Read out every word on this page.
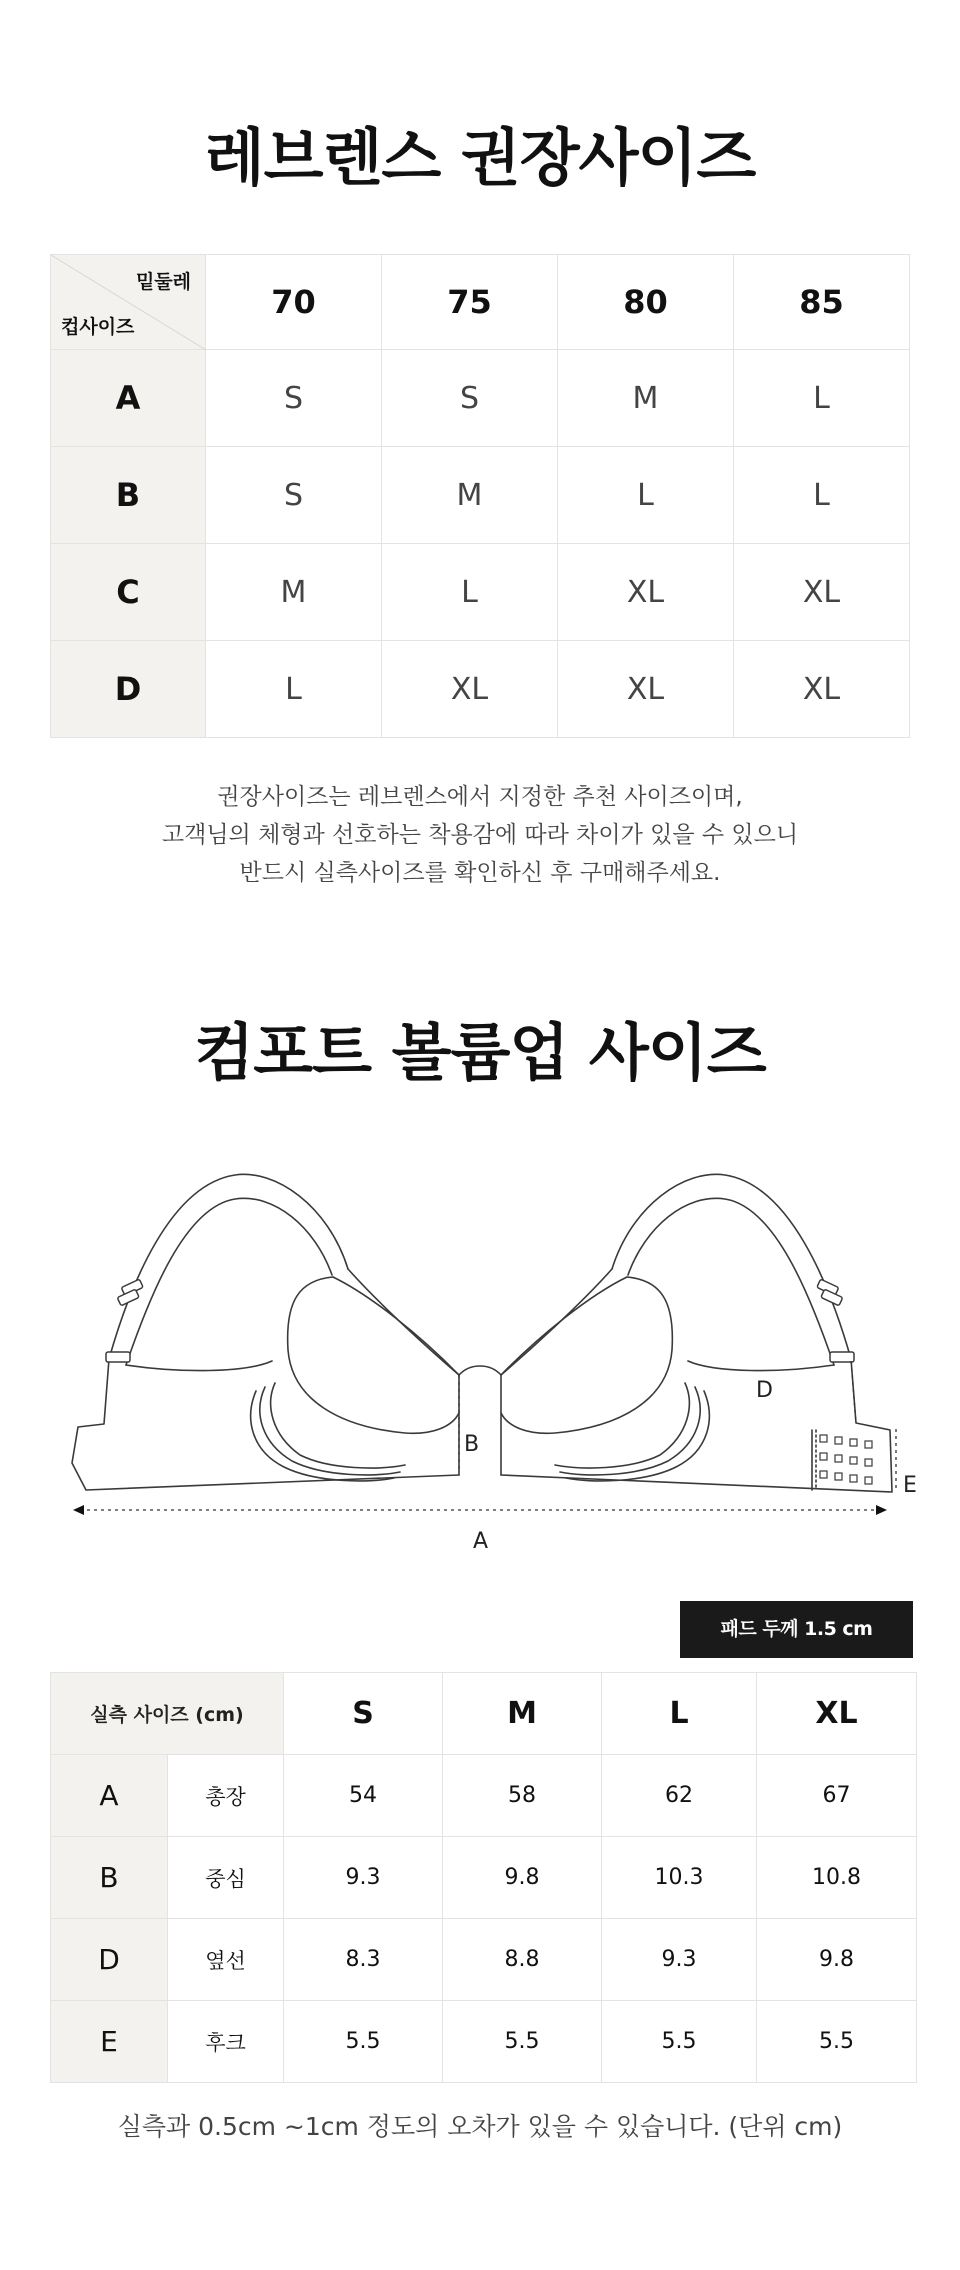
레브렌스 권장사이즈
밑둘레
컵사이즈	70	75	80	85
A	S	S	M	L
B	S	M	L	L
C	M	L	XL	XL
D	L	XL	XL	XL

권장사이즈는 레브렌스에서 지정한 추천 사이즈이며,
고객님의 체형과 선호하는 착용감에 따라 차이가 있을 수 있으니
반드시 실측사이즈를 확인하신 후 구매해주세요.

컴포트 볼륨업 사이즈
B
D
E
A
패드 두께 1.5 cm
실측 사이즈 (cm)		S	M	L	XL
A	총장	54	58	62	67
B	중심	9.3	9.8	10.3	10.8
D	옆선	8.3	8.8	9.3	9.8
E	후크	5.5	5.5	5.5	5.5

실측과 0.5cm ~1cm 정도의 오차가 있을 수 있습니다. (단위 cm)
